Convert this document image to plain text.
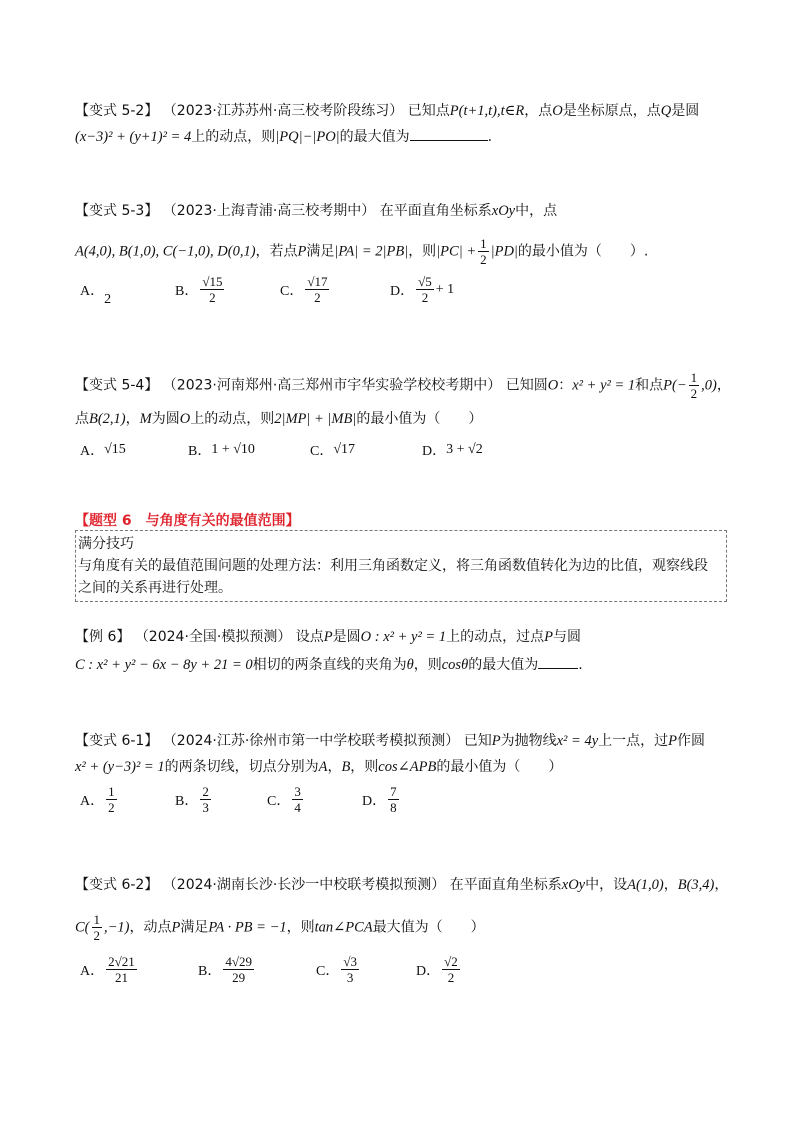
【变式 5-2】 （2023·江苏苏州·高三校考阶段练习） 已知点P(t+1,t),t∈R，点O是坐标原点，点Q是圆
(x−3)² + (y+1)² = 4上的动点，则|PQ|−|PO|的最大值为	.
【变式 5-3】 （2023·上海青浦·高三校考期中） 在平面直角坐标系xOy中，点
A(4,0), B(1,0), C(−1,0), D(0,1)，若点P满足|PA| = 2|PB|，则$|PC| + \frac{1}{2} |PD|$的最小值为（　　）.
A．
2
B． $\frac{√15}{2}$	C． $\frac{√17}{2}$	D． $\frac{√5}{2} + 1$
【变式 5-4】 （2023·河南郑州·高三郑州市宇华实验学校校考期中） 已知圆O：x² + y² = 1和点$P(- \frac{1}{2} ,0)$，
点B(2,1)，M为圆O上的动点，则2|MP| + |MB|的最小值为（　　）
A． √15	B． 1 + √10	C． √17	D． 3 + √2
【题型 6　与角度有关的最值范围】
满分技巧
与角度有关的最值范围问题的处理方法：利用三角函数定义，将三角函数值转化为边的比值，观察线段
之间的关系再进行处理。
【例 6】 （2024·全国·模拟预测） 设点P是圆O : x² + y² = 1上的动点，过点P与圆
C : x² + y² − 6x − 8y + 21 = 0相切的两条直线的夹角为θ，则cosθ的最大值为	.
【变式 6-1】 （2024·江苏·徐州市第一中学校联考模拟预测） 已知P为抛物线x² = 4y上一点，过P作圆
x² + (y−3)² = 1的两条切线，切点分别为A，B，则cos∠APB的最小值为（　　）
A． $\frac{1}{2}$	B． $\frac{2}{3}$	C． $\frac{3}{4}$	D． $\frac{7}{8}$
【变式 6-2】 （2024·湖南长沙·长沙一中校联考模拟预测） 在平面直角坐标系xOy中，设A(1,0)，B(3,4)，
$C( \frac{1}{2} ,-1)$，动点P满足PA · PB = −1，则tan∠PCA最大值为（　　）
A． $\frac{2√21}{21}$	B． $\frac{4√29}{29}$	C． $\frac{√3}{3}$	D． $\frac{√2}{2}$
